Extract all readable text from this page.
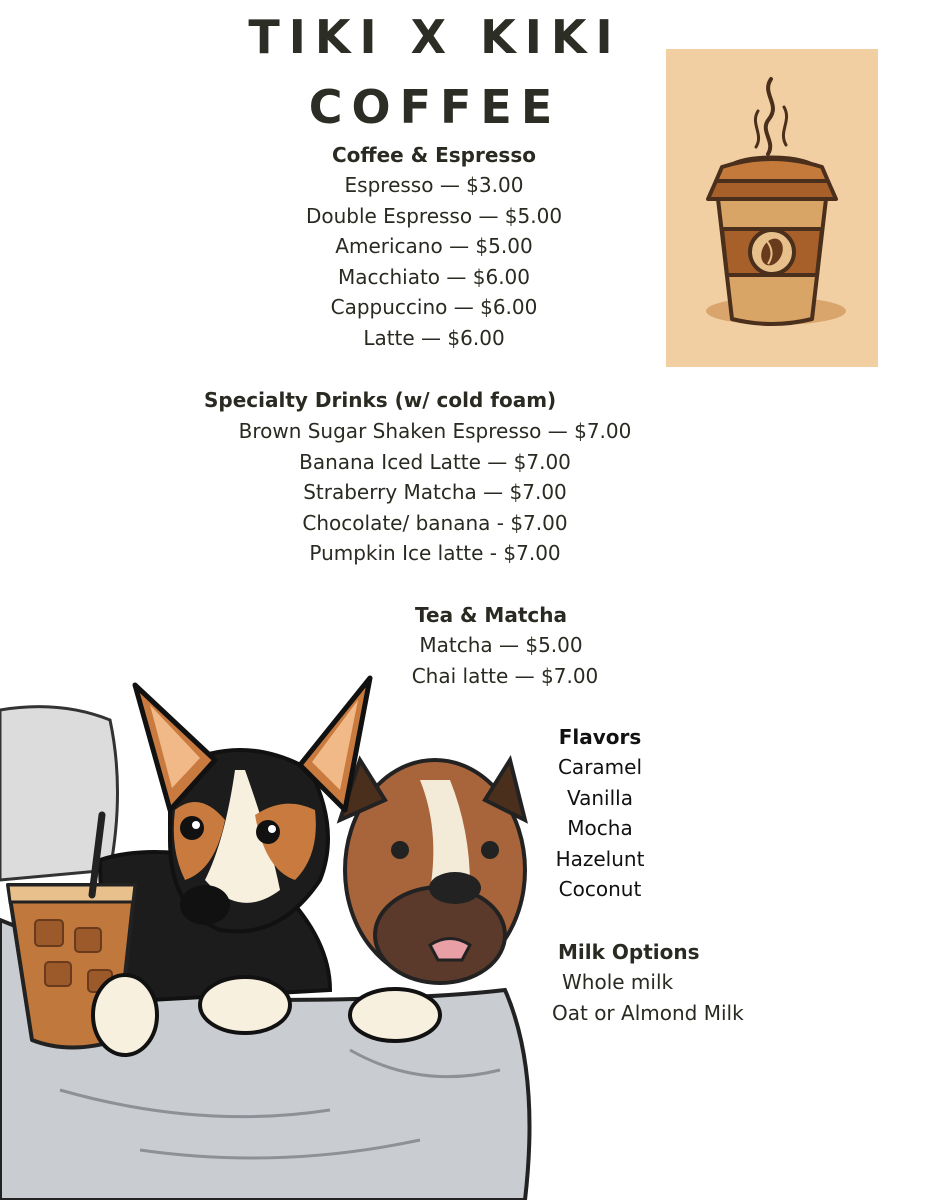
TIKI X KIKI
COFFEE
Coffee & Espresso
Espresso — $3.00
Double Espresso — $5.00
Americano — $5.00
Macchiato — $6.00
Cappuccino — $6.00
Latte — $6.00
Specialty Drinks (w/ cold foam)
Brown Sugar Shaken Espresso — $7.00
Banana Iced Latte — $7.00
Straberry Matcha — $7.00
Chocolate/ banana - $7.00
Pumpkin Ice latte - $7.00
Tea & Matcha
Matcha — $5.00
Chai latte — $7.00
Flavors
Caramel
Vanilla
Mocha
Hazelunt
Coconut
Milk Options
Whole milk
Oat or Almond Milk
